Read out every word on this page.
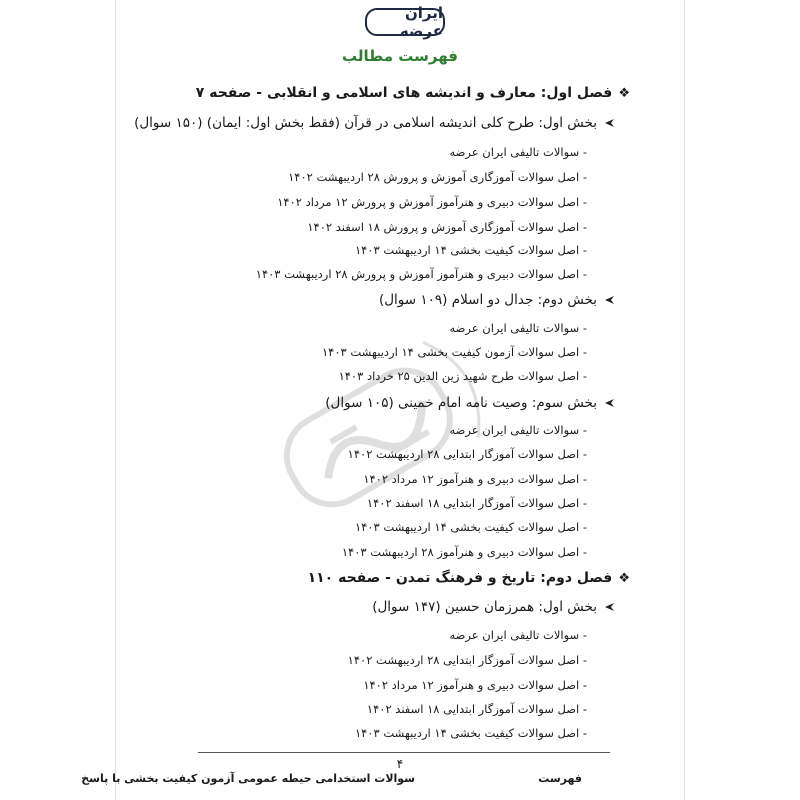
ایران عرضه
فهرست مطالب
❖
فصل اول: معارف و اندیشه های اسلامی و انقلابی - صفحه ۷
بخش اول: طرح کلی اندیشه اسلامی در قرآن (فقط بخش اول: ایمان) (۱۵۰ سوال)
- سوالات تالیفی ایران عرضه
- اصل سوالات آموزگاری آموزش و پرورش ۲۸ اردیبهشت ۱۴۰۲
- اصل سوالات دبیری و هنرآموز آموزش و پرورش ۱۲ مرداد ۱۴۰۲
- اصل سوالات آموزگاری آموزش و پرورش ۱۸ اسفند ۱۴۰۲
- اصل سوالات کیفیت بخشی ۱۴ اردیبهشت ۱۴۰۳
- اصل سوالات دبیری و هنرآموز آموزش و پرورش ۲۸ اردیبهشت ۱۴۰۳
بخش دوم: جدال دو اسلام (۱۰۹ سوال)
- سوالات تالیفی ایران عرضه
- اصل سوالات آزمون کیفیت بخشی ۱۴ اردیبهشت ۱۴۰۳
- اصل سوالات طرح شهید زین الدین ۲۵ خرداد ۱۴۰۳
بخش سوم: وصیت نامه امام خمینی (۱۰۵ سوال)
- سوالات تالیفی ایران عرضه
- اصل سوالات آموزگار ابتدایی ۲۸ اردیبهشت ۱۴۰۲
- اصل سوالات دبیری و هنرآموز ۱۲ مرداد ۱۴۰۲
- اصل سوالات آموزگار ابتدایی ۱۸ اسفند ۱۴۰۲
- اصل سوالات کیفیت بخشی ۱۴ اردیبهشت ۱۴۰۳
- اصل سوالات دبیری و هنرآموز ۲۸ اردیبهشت ۱۴۰۳
❖
فصل دوم: تاریخ و فرهنگ تمدن - صفحه ۱۱۰
بخش اول: همرزمان حسین (۱۴۷ سوال)
- سوالات تالیفی ایران عرضه
- اصل سوالات آموزگار ابتدایی ۲۸ اردیبهشت ۱۴۰۲
- اصل سوالات دبیری و هنرآموز ۱۲ مرداد ۱۴۰۲
- اصل سوالات آموزگار ابتدایی ۱۸ اسفند ۱۴۰۲
- اصل سوالات کیفیت بخشی ۱۴ اردیبهشت ۱۴۰۳
۴
سوالات استخدامی حیطه عمومی آزمون کیفیت بخشی با پاسخ	فهرست
